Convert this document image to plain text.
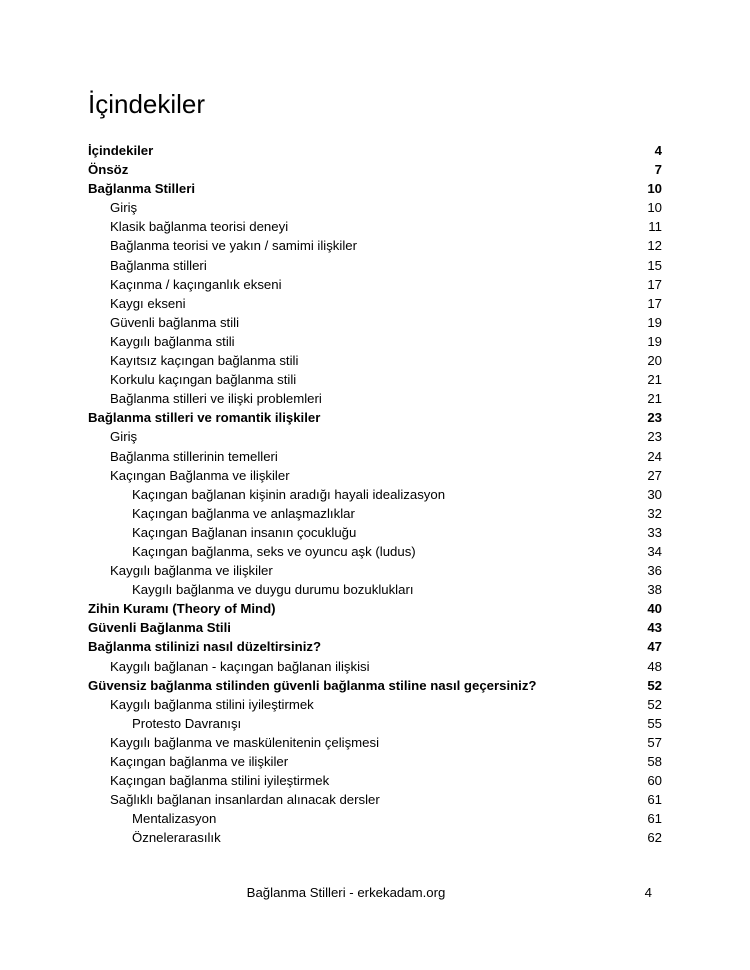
İçindekiler
İçindekiler	4
Önsöz	7
Bağlanma Stilleri	10
Giriş	10
Klasik bağlanma teorisi deneyi	11
Bağlanma teorisi ve yakın / samimi ilişkiler	12
Bağlanma stilleri	15
Kaçınma / kaçınganlık ekseni	17
Kaygı ekseni	17
Güvenli bağlanma stili	19
Kaygılı bağlanma stili	19
Kayıtsız kaçıngan bağlanma stili	20
Korkulu kaçıngan bağlanma stili	21
Bağlanma stilleri ve ilişki problemleri	21
Bağlanma stilleri ve romantik ilişkiler	23
Giriş	23
Bağlanma stillerinin temelleri	24
Kaçıngan Bağlanma ve ilişkiler	27
Kaçıngan bağlanan kişinin aradığı hayali idealizasyon	30
Kaçıngan bağlanma ve anlaşmazlıklar	32
Kaçıngan Bağlanan insanın çocukluğu	33
Kaçıngan bağlanma, seks ve oyuncu aşk (ludus)	34
Kaygılı bağlanma ve ilişkiler	36
Kaygılı bağlanma ve duygu durumu bozuklukları	38
Zihin Kuramı (Theory of Mind)	40
Güvenli Bağlanma Stili	43
Bağlanma stilinizi nasıl düzeltirsiniz?	47
Kaygılı bağlanan - kaçıngan bağlanan ilişkisi	48
Güvensiz bağlanma stilinden güvenli bağlanma stiline nasıl geçersiniz?	52
Kaygılı bağlanma stilini iyileştirmek	52
Protesto Davranışı	55
Kaygılı bağlanma ve maskülenitenin çelişmesi	57
Kaçıngan bağlanma ve ilişkiler	58
Kaçıngan bağlanma stilini iyileştirmek	60
Sağlıklı bağlanan insanlardan alınacak dersler	61
Mentalizasyon	61
Öznelerarasılık	62
Bağlanma Stilleri - erkekadam.org	4
